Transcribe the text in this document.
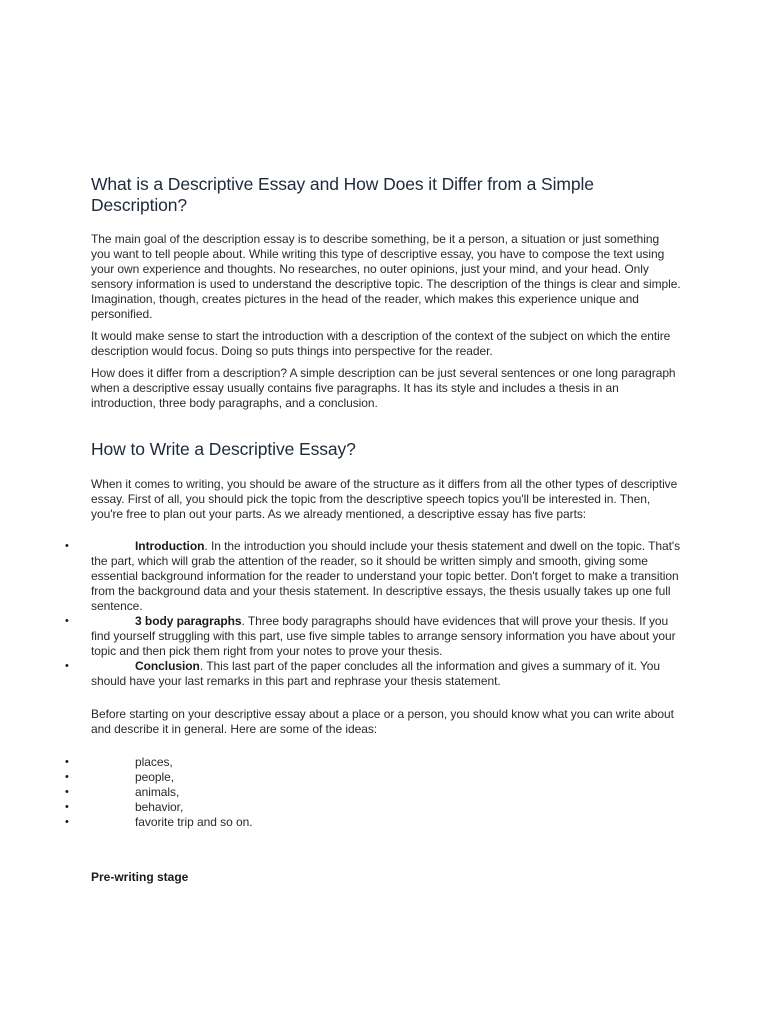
What is a Descriptive Essay and How Does it Differ from a Simple Description?

The main goal of the description essay is to describe something, be it a person, a situation or just something you want to tell people about. While writing this type of descriptive essay, you have to compose the text using your own experience and thoughts. No researches, no outer opinions, just your mind, and your head. Only sensory information is used to understand the descriptive topic. The description of the things is clear and simple. Imagination, though, creates pictures in the head of the reader, which makes this experience unique and personified.

It would make sense to start the introduction with a description of the context of the subject on which the entire description would focus. Doing so puts things into perspective for the reader.

How does it differ from a description? A simple description can be just several sentences or one long paragraph when a descriptive essay usually contains five paragraphs. It has its style and includes a thesis in an introduction, three body paragraphs, and a conclusion.

How to Write a Descriptive Essay?

When it comes to writing, you should be aware of the structure as it differs from all the other types of descriptive essay. First of all, you should pick the topic from the descriptive speech topics you'll be interested in. Then, you're free to plan out your parts. As we already mentioned, a descriptive essay has five parts:

•	Introduction. In the introduction you should include your thesis statement and dwell on the topic. That's the part, which will grab the attention of the reader, so it should be written simply and smooth, giving some essential background information for the reader to understand your topic better. Don't forget to make a transition from the background data and your thesis statement. In descriptive essays, the thesis usually takes up one full sentence.
•	3 body paragraphs. Three body paragraphs should have evidences that will prove your thesis. If you find yourself struggling with this part, use five simple tables to arrange sensory information you have about your topic and then pick them right from your notes to prove your thesis.
•	Conclusion. This last part of the paper concludes all the information and gives a summary of it. You should have your last remarks in this part and rephrase your thesis statement.

Before starting on your descriptive essay about a place or a person, you should know what you can write about and describe it in general. Here are some of the ideas:

•	places,
•	people,
•	animals,
•	behavior,
•	favorite trip and so on.
Pre-writing stage
